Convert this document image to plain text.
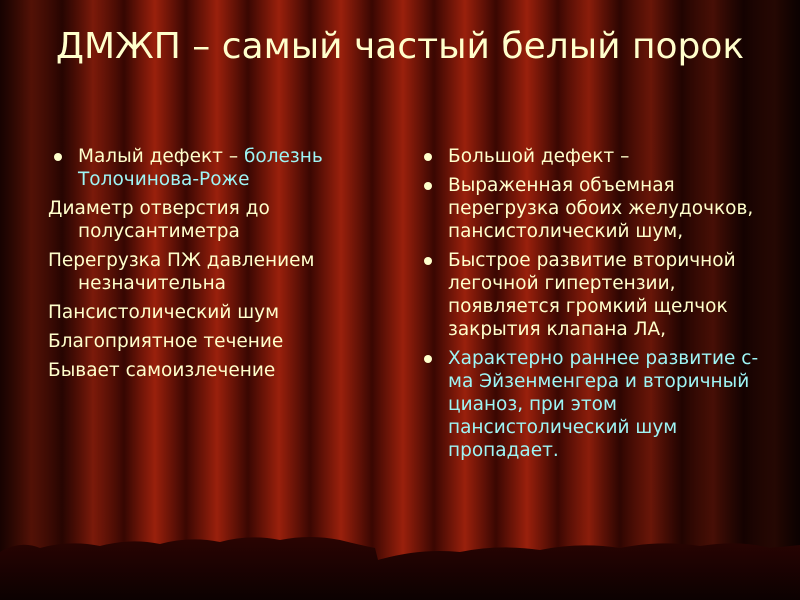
ДМЖП – самый частый белый порок
Малый дефект – болезнь Толочинова-Роже
Диаметр отверстия до полусантиметра
Перегрузка ПЖ давлением незначительна
Пансистолический шум
Благоприятное течение
Бывает самоизлечение
Большой дефект –
Выраженная объемная перегрузка обоих желудочков, пансистолический шум,
Быстрое развитие вторичной легочной гипертензии, появляется громкий щелчок закрытия клапана ЛА,
Характерно раннее развитие с-ма Эйзенменгера и вторичный цианоз, при этом пансистолический шум пропадает.
